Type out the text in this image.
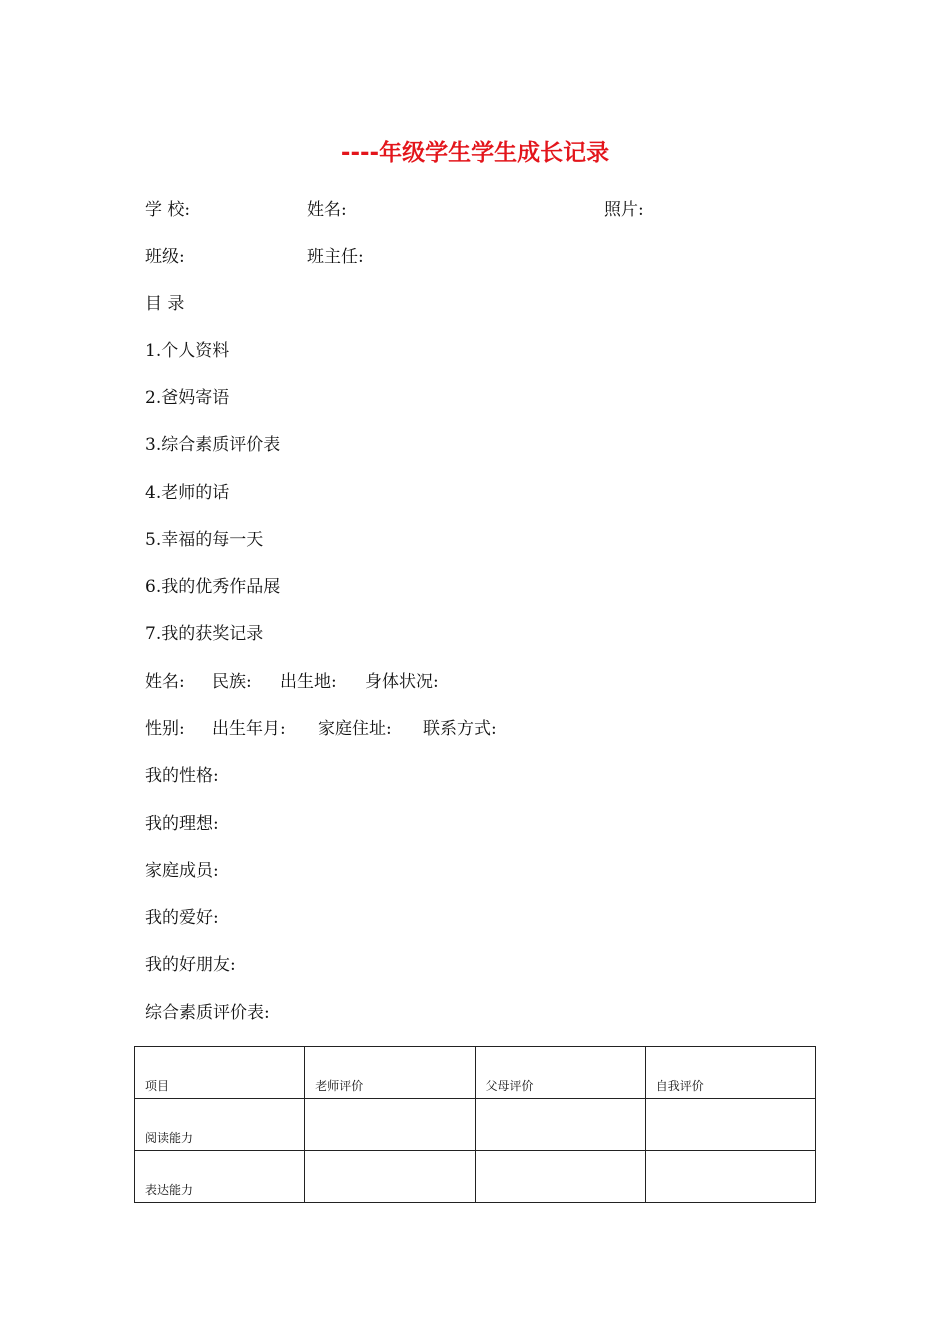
----年级学生学生成长记录
学 校:	姓名:	照片:
班级:	班主任:
目 录
1.个人资料
2.爸妈寄语
3.综合素质评价表
4.老师的话
5.幸福的每一天
6.我的优秀作品展
7.我的获奖记录
姓名: 民族: 出生地: 身体状况:
性别: 出生年月: 家庭住址: 联系方式:
我的性格:
我的理想:
家庭成员:
我的爱好:
我的好朋友:
综合素质评价表:
项目	老师评价	父母评价	自我评价
阅读能力			
表达能力			
